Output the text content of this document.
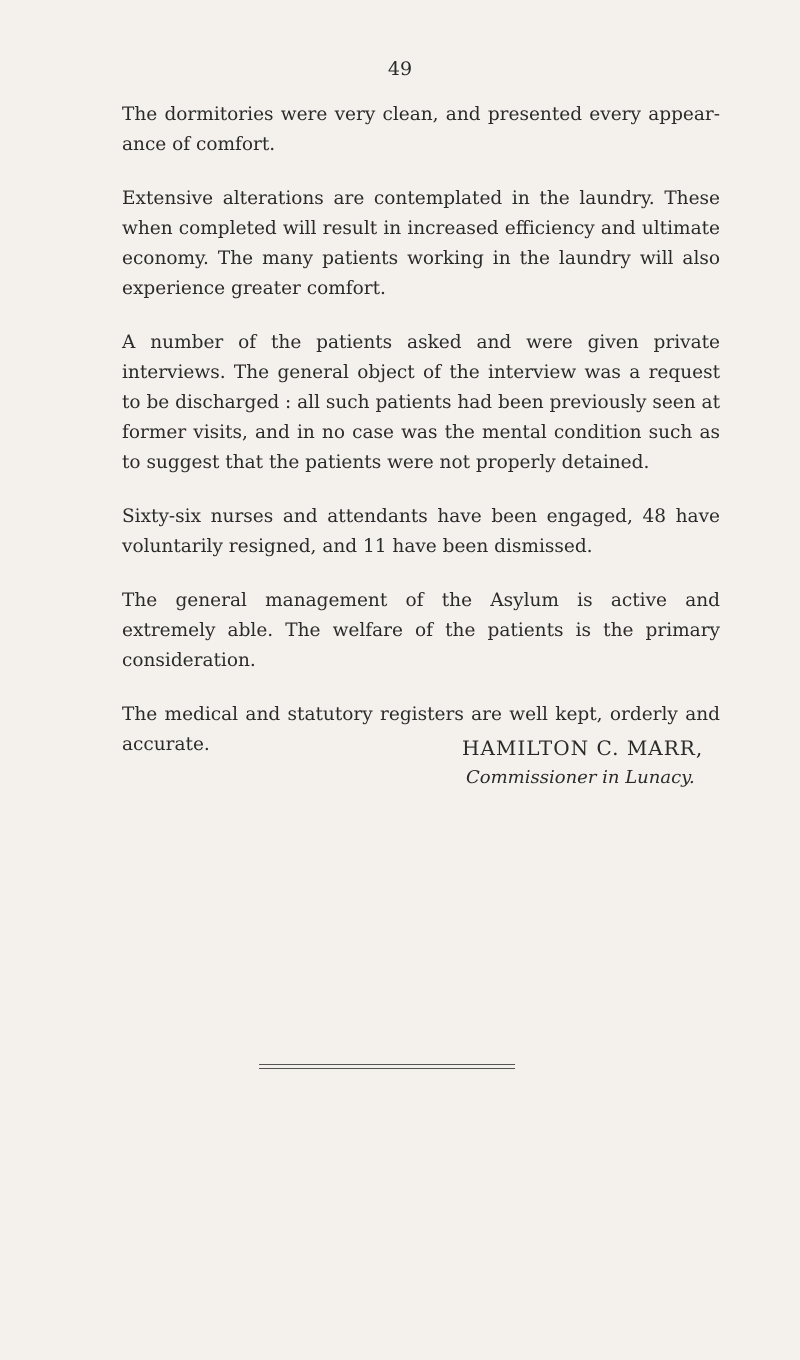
49

The dormitories were very clean, and presented every appearance of comfort.

Extensive alterations are contemplated in the laundry. These when completed will result in increased efficiency and ultimate economy. The many patients working in the laundry will also experience greater comfort.

A number of the patients asked and were given private interviews. The general object of the interview was a request to be discharged : all such patients had been previously seen at former visits, and in no case was the mental condition such as to suggest that the patients were not properly detained.

Sixty-six nurses and attendants have been engaged, 48 have voluntarily resigned, and 11 have been dismissed.

The general management of the Asylum is active and extremely able. The welfare of the patients is the primary consideration.

The medical and statutory registers are well kept, orderly and accurate.	HAMILTON C. MARR,

Commissioner in Lunacy.
